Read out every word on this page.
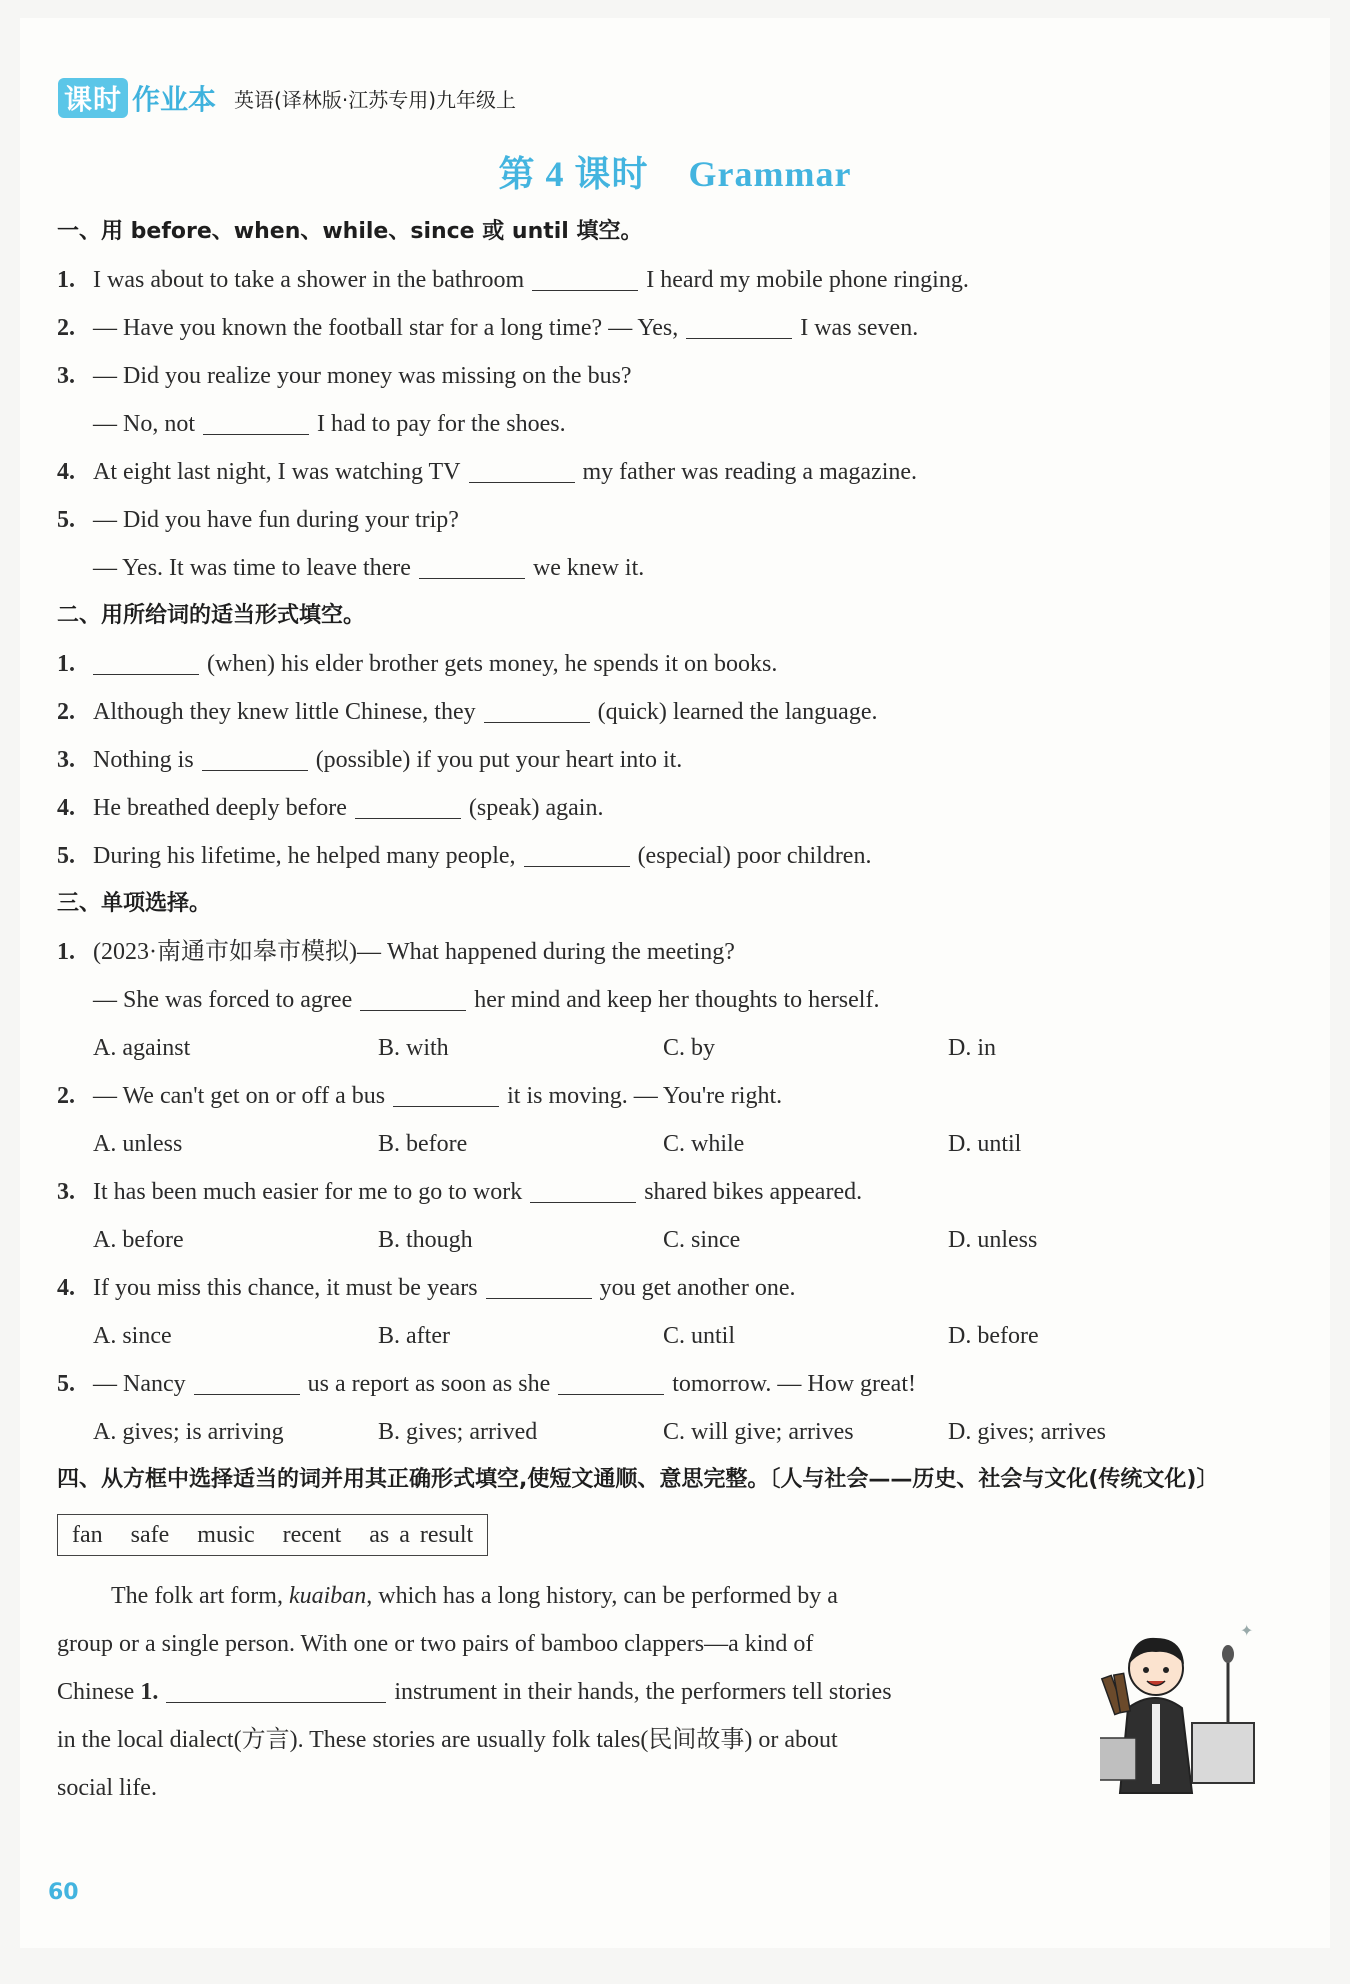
课时 作业本 英语(译林版·江苏专用)九年级上
第 4 课时    Grammar
一、用 before、when、while、since 或 until 填空。
1. I was about to take a shower in the bathroom	I heard my mobile phone ringing.
2. — Have you known the football star for a long time? — Yes,	I was seven.
3. — Did you realize your money was missing on the bus?
— No, not	I had to pay for the shoes.
4. At eight last night, I was watching TV	my father was reading a magazine.
5. — Did you have fun during your trip?
— Yes. It was time to leave there	we knew it.
二、用所给词的适当形式填空。
1.	(when) his elder brother gets money, he spends it on books.
2. Although they knew little Chinese, they	(quick) learned the language.
3. Nothing is	(possible) if you put your heart into it.
4. He breathed deeply before	(speak) again.
5. During his lifetime, he helped many people,	(especial) poor children.
三、单项选择。
1. (2023·南通市如皋市模拟)— What happened during the meeting?
— She was forced to agree	her mind and keep her thoughts to herself.
A. against	B. with	C. by	D. in
2. — We can't get on or off a bus	it is moving. — You're right.
A. unless	B. before	C. while	D. until
3. It has been much easier for me to go to work	shared bikes appeared.
A. before	B. though	C. since	D. unless
4. If you miss this chance, it must be years	you get another one.
A. since	B. after	C. until	D. before
5. — Nancy	us a report as soon as she	tomorrow. — How great!
A. gives; is arriving	B. gives; arrived	C. will give; arrives	D. gives; arrives
四、从方框中选择适当的词并用其正确形式填空,使短文通顺、意思完整。〔人与社会——历史、社会与文化(传统文化)〕
fan safe music recent as a result
The folk art form, kuaiban, which has a long history, can be performed by a
group or a single person. With one or two pairs of bamboo clappers—a kind of
Chinese 1.	instrument in their hands, the performers tell stories
in the local dialect(方言). These stories are usually folk tales(民间故事) or about
social life.
✦
60
